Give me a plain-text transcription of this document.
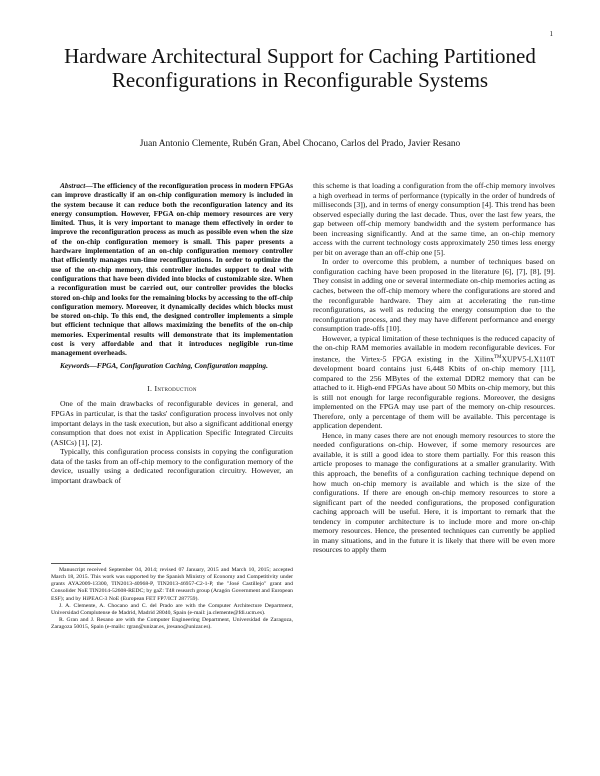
1
Hardware Architectural Support for Caching Partitioned Reconfigurations in Reconfigurable Systems
Juan Antonio Clemente, Rubén Gran, Abel Chocano, Carlos del Prado, Javier Resano

Abstract—The efficiency of the reconfiguration process in modern FPGAs can improve drastically if an on-chip configuration memory is included in the system because it can reduce both the reconfiguration latency and its energy consumption. However, FPGA on-chip memory resources are very limited. Thus, it is very important to manage them effectively in order to improve the reconfiguration process as much as possible even when the size of the on-chip configuration memory is small. This paper presents a hardware implementation of an on-chip configuration memory controller that efficiently manages run-time reconfigurations. In order to optimize the use of the on-chip memory, this controller includes support to deal with configurations that have been divided into blocks of customizable size. When a reconfiguration must be carried out, our controller provides the blocks stored on-chip and looks for the remaining blocks by accessing to the off-chip configuration memory. Moreover, it dynamically decides which blocks must be stored on-chip. To this end, the designed controller implements a simple but efficient technique that allows maximizing the benefits of the on-chip memories. Experimental results will demonstrate that its implementation cost is very affordable and that it introduces negligible run-time management overheads.

Keywords—FPGA, Configuration Caching, Configuration mapping.

I. Introduction

One of the main drawbacks of reconfigurable devices in general, and FPGAs in particular, is that the tasks' configuration process involves not only important delays in the task execution, but also a significant additional energy consumption that does not exist in Application Specific Integrated Circuits (ASICs) [1], [2].

Typically, this configuration process consists in copying the configuration data of the tasks from an off-chip memory to the configuration memory of the device, usually using a dedicated reconfiguration circuitry. However, an important drawback of

Manuscript received September 04, 2014; revised 07 January, 2015 and March 10, 2015; accepted March 18, 2015. This work was supported by the Spanish Ministry of Economy and Competitivity under grants AYA2009-13300, TIN2013-40968-P, TIN2013-46957-C2-1-P, the "José Castillejo" grant and Consolider NoE TIN2014-52608-REDC; by gaZ: T48 research group (Aragón Government and European ESF); and by HiPEAC-3 NoE (European FET FP7/ICT 287759).

J. A. Clemente, A. Chocano and C. del Prado are with the Computer Architecture Department, Universidad Complutense de Madrid, Madrid 28040, Spain (e-mail: ja.clemente@fdi.ucm.es).

R. Gran and J. Resano are with the Computer Engineering Department, Universidad de Zaragoza, Zaragoza 50015, Spain (e-mails: rgran@unizar.es, jresano@unizar.es).

this scheme is that loading a configuration from the off-chip memory involves a high overhead in terms of performance (typically in the order of hundreds of milliseconds [3]), and in terms of energy consumption [4]. This trend has been observed especially during the last decade. Thus, over the last few years, the gap between off-chip memory bandwidth and the system performance has been increasing significantly. And at the same time, an on-chip memory access with the current technology costs approximately 250 times less energy per bit on average than an off-chip one [5].

In order to overcome this problem, a number of techniques based on configuration caching have been proposed in the literature [6], [7], [8], [9]. They consist in adding one or several intermediate on-chip memories acting as caches, between the off-chip memory where the configurations are stored and the reconfigurable hardware. They aim at accelerating the run-time reconfigurations, as well as reducing the energy consumption due to the reconfiguration process, and they may have different performance and energy consumption trade-offs [10].

However, a typical limitation of these techniques is the reduced capacity of the on-chip RAM memories available in modern reconfigurable devices. For instance, the Virtex-5 FPGA existing in the Xilinx™XUPV5-LX110T development board contains just 6,448 Kbits of on-chip memory [11], compared to the 256 MBytes of the external DDR2 memory that can be attached to it. High-end FPGAs have about 50 Mbits on-chip memory, but this is still not enough for large reconfigurable regions. Moreover, the designs implemented on the FPGA may use part of the memory on-chip resources. Therefore, only a percentage of them will be available. This percentage is application dependent.

Hence, in many cases there are not enough memory resources to store the needed configurations on-chip. However, if some memory resources are available, it is still a good idea to store them partially. For this reason this article proposes to manage the configurations at a smaller granularity. With this approach, the benefits of a configuration caching technique depend on how much on-chip memory is available and which is the size of the configurations. If there are enough on-chip memory resources to store a significant part of the needed configurations, the proposed configuration caching approach will be useful. Here, it is important to remark that the tendency in computer architecture is to include more and more on-chip memory resources. Hence, the presented techniques can currently be applied in many situations, and in the future it is likely that there will be even more resources to apply them
